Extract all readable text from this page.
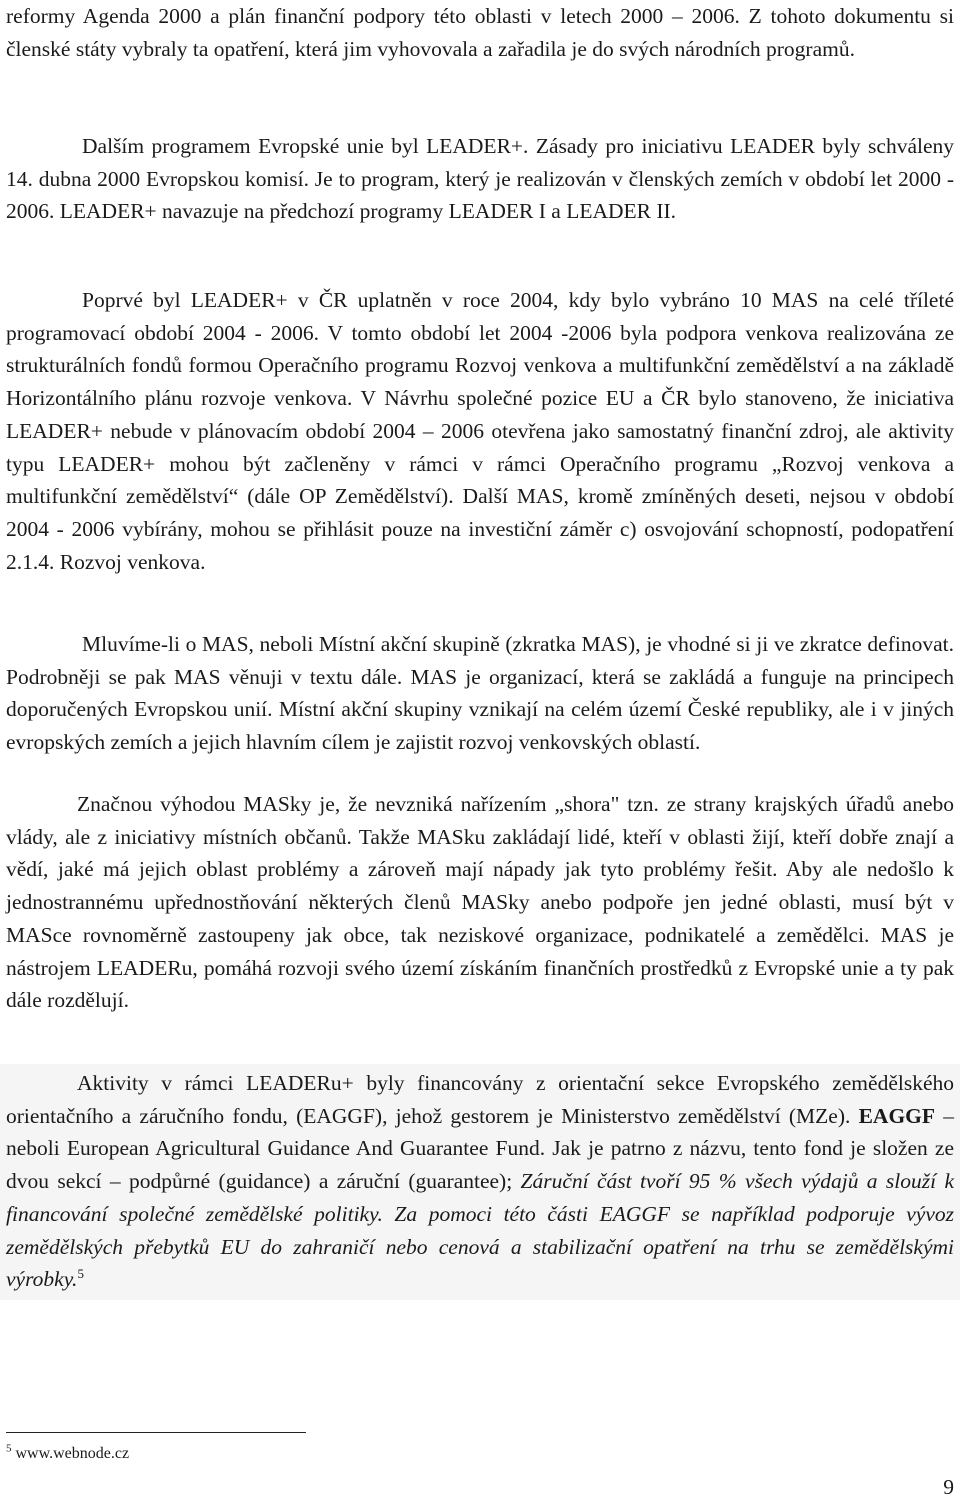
reformy Agenda 2000 a plán finanční podpory této oblasti v letech 2000 – 2006. Z tohoto dokumentu si členské státy vybraly ta opatření, která jim vyhovovala a zařadila je do svých národních programů.

Dalším programem Evropské unie byl LEADER+. Zásady pro iniciativu LEADER byly schváleny 14. dubna 2000 Evropskou komisí. Je to program, který je realizován v členských zemích v období let 2000 - 2006. LEADER+ navazuje na předchozí programy LEADER I a LEADER II.

Poprvé byl LEADER+ v ČR uplatněn v roce 2004, kdy bylo vybráno 10 MAS na celé tříleté programovací období 2004 - 2006. V tomto období let 2004 -2006 byla podpora venkova realizována ze strukturálních fondů formou Operačního programu Rozvoj venkova a multifunkční zemědělství a na základě Horizontálního plánu rozvoje venkova. V Návrhu společné pozice EU a ČR bylo stanoveno, že iniciativa LEADER+ nebude v plánovacím období 2004 – 2006 otevřena jako samostatný finanční zdroj, ale aktivity typu LEADER+ mohou být začleněny v rámci v rámci Operačního programu „Rozvoj venkova a multifunkční zemědělství“ (dále OP Zemědělství). Další MAS, kromě zmíněných deseti, nejsou v období 2004 - 2006 vybírány, mohou se přihlásit pouze na investiční záměr c) osvojování schopností, podopatření 2.1.4. Rozvoj venkova.

Mluvíme-li o MAS, neboli Místní akční skupině (zkratka MAS), je vhodné si ji ve zkratce definovat. Podrobněji se pak MAS věnuji v textu dále. MAS je organizací, která se zakládá a funguje na principech doporučených Evropskou unií. Místní akční skupiny vznikají na celém území České republiky, ale i v jiných evropských zemích a jejich hlavním cílem je zajistit rozvoj venkovských oblastí.

Značnou výhodou MASky je, že nevzniká nařízením „shora" tzn. ze strany krajských úřadů anebo vlády, ale z iniciativy místních občanů. Takže MASku zakládají lidé, kteří v oblasti žijí, kteří dobře znají a vědí, jaké má jejich oblast problémy a zároveň mají nápady jak tyto problémy řešit. Aby ale nedošlo k jednostrannému upřednostňování některých členů MASky anebo podpoře jen jedné oblasti, musí být v MASce rovnoměrně zastoupeny jak obce, tak neziskové organizace, podnikatelé a zemědělci. MAS je nástrojem LEADERu, pomáhá rozvoji svého území získáním finančních prostředků z Evropské unie a ty pak dále rozdělují.

Aktivity v rámci LEADERu+ byly financovány z orientační sekce Evropského zemědělského orientačního a záručního fondu, (EAGGF), jehož gestorem je Ministerstvo zemědělství (MZe). EAGGF – neboli European Agricultural Guidance And Guarantee Fund. Jak je patrno z názvu, tento fond je složen ze dvou sekcí – podpůrné (guidance) a záruční (guarantee); Záruční část tvoří 95 % všech výdajů a slouží k financování společné zemědělské politiky. Za pomoci této části EAGGF se například podporuje vývoz zemědělských přebytků EU do zahraničí nebo cenová a stabilizační opatření na trhu se zemědělskými výrobky.$^5$

$^5$ www.webnode.cz
9
